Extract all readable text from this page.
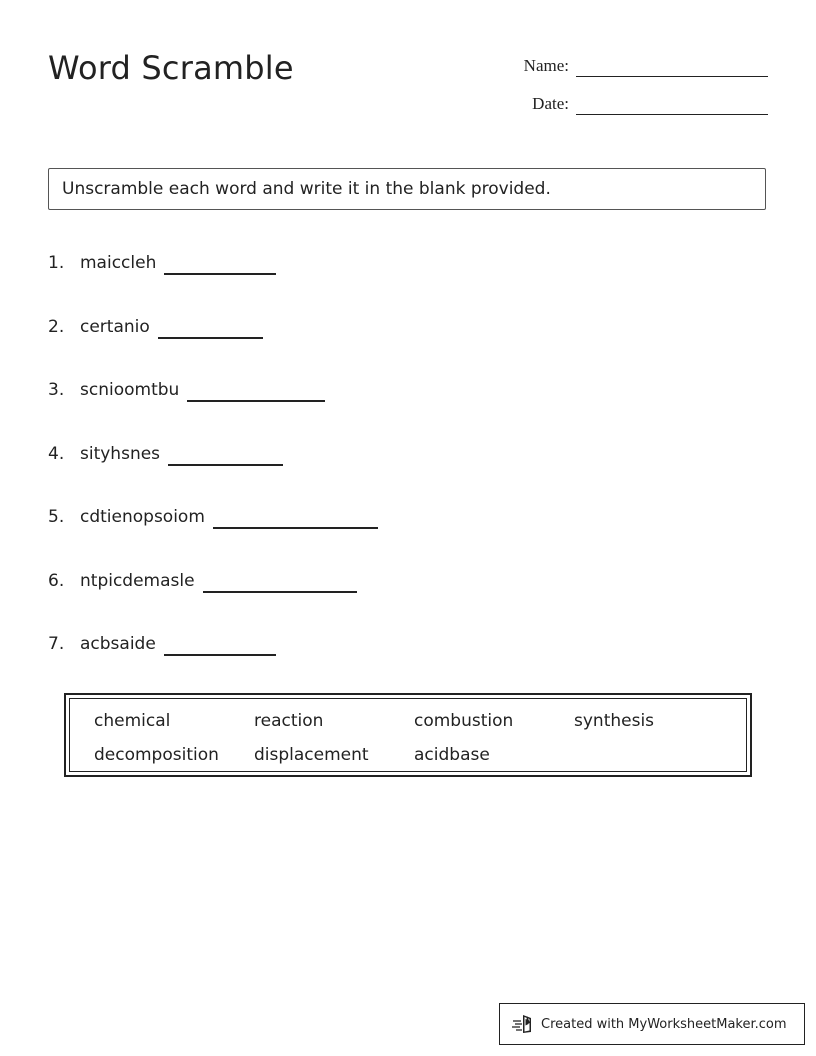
Word Scramble	Name:
Date:
Unscramble each word and write it in the blank provided.
1. maiccleh
2. certanio
3. scnioomtbu
4. sityhsnes
5. cdtienopsoiom
6. ntpicdemasle
7. acbsaide
chemical	reaction	combustion	synthesis
decomposition displacement	acidbase
Created with MyWorksheetMaker.com
